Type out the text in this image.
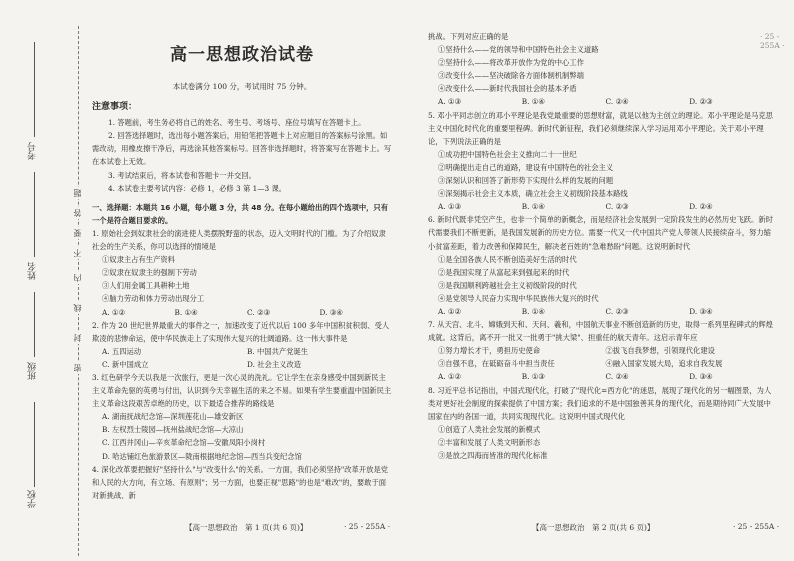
考号
姓名
班级
学校
密
封
线
内
不
要
答
题
高一思想政治试卷
本试卷满分 100 分，考试用时 75 分钟。
注意事项：
1. 答题前，考生务必将自己的姓名、考生号、考场号、座位号填写在答题卡上。
2. 回答选择题时，选出每小题答案后，用铅笔把答题卡上对应题目的答案标号涂黑。如需改动，用橡皮擦干净后，再选涂其他答案标号。回答非选择题时，将答案写在答题卡上。写在本试卷上无效。
3. 考试结束后，将本试卷和答题卡一并交回。
4. 本试卷主要考试内容：必修 1，必修 3 第 1—3 课。
一、选择题：本题共 16 小题，每小题 3 分，共 48 分。在每小题给出的四个选项中，只有一个是符合题目要求的。
1. 原始社会到奴隶社会的演进使人类摆脱野蛮的状态，迈入文明时代的门槛。为了介绍奴隶社会的生产关系，你可以选择的情境是
①奴隶主占有生产资料
②奴隶在奴隶主的强制下劳动
③人们用金属工具耕种土地
④脑力劳动和体力劳动出现分工
A. ①②	B. ①④	C. ②③	D. ③④
2. 作为 20 世纪世界最重大的事件之一，加速改变了近代以后 100 多年中国积贫积弱、受人欺凌的悲惨命运，使中华民族走上了实现伟大复兴的壮阔道路。这一伟大事件是
A. 五四运动	B. 中国共产党诞生
C. 新中国成立	D. 社会主义改造
3. 红色研学今天以我是一次旅行，更是一次心灵的洗礼。它让学生在亲身感受中国到新民主主义革命先驱的英勇与付出，认识到今天幸福生活的来之不易。如果有学生要重温中国新民主主义革命这段艰苦卓绝的历史，以下最适合推荐的路线是
A. 湖南抚战纪念馆—深圳莲花山—雄安新区
B. 左权烈士陵园—抚州盐战纪念馆—大凉山
C. 江西井冈山—辛亥革命纪念馆—安徽凤阳小岗村
D. 哈达铺红色旅游景区—陇南根据地纪念馆—西当兵变纪念馆
4. 深化改革要把握好"坚持什么"与"改变什么"的关系。一方面，我们必须坚持"改革开放是党和人民的大方向，有立场、有原则"；另一方面，也要正视"思路"的也是"难改"的，要敢于面对新挑战、新
挑战。下列对应正确的是
①坚持什么——党的领导和中国特色社会主义道路
②坚持什么——将改革开放作为党的中心工作
③改变什么——坚决破除各方面体制机制弊端
④改变什么——新时代我国社会的基本矛盾
A. ①③	B. ①④	C. ②④	D. ②③
5. 邓小平同志创立的邓小平理论是我党最重要的思想财富，就是以他为主创立的理论。邓小平理论是马克思主义中国化时代化的重要里程碑。新时代新征程，我们必须继续深入学习运用邓小平理论。关于邓小平理论，下列说法正确的是
①成功把中国特色社会主义推向二十一世纪
②明确提出走自己的道路，建设有中国特色的社会主义
③深刻认识和回答了新形势下实现什么样的发展的问题
④深刻揭示社会主义本质，确立社会主义初级阶段基本路线
A. ①③	B. ①④	C. ②③	D. ②④
6. 新时代既非凭空产生，也非一个简单的新概念，而是经济社会发展到一定阶段发生的必然历史飞跃。新时代需要我们不断更新，是我国发展新的历史方位。需要一代又一代中国共产党人带领人民接续奋斗，努力缩小贫富差距，着力改善和保障民生，解决老百姓的"急难愁盼"问题。这说明新时代
①是全国各族人民不断创造美好生活的时代
②是我国实现了从富起来到强起来的时代
③是我国顺利跨越社会主义初级阶段的时代
④是党领导人民奋力实现中华民族伟大复兴的时代
A. ①②	B. ①④	C. ②③	D. ③④
7. 从天宫、北斗、嫦娥到天和、天问、羲和，中国航天事业不断创造新的历史，取得一系列里程碑式的辉煌成就。这背后，离不开一批又一批勇于"挑大梁"、担重任的航天青年。这启示青年应
①努力增长才干，勇担历史使命	②拔飞自我梦想，引领现代化建设
③自强不息，在砥砺奋斗中担当责任	④融入国家发展大局，追求自我发展
A. ①②	B. ①③	C. ②④	D. ③④
8. 习近平总书记指出，中国式现代化，打破了"现代化=西方化"的迷思，展现了现代化的另一幅图景，为人类对更好社会制度的探索提供了中国方案；我们追求的不是中国独善其身的现代化，而是期待同广大发展中国家在内的各国一道，共同实现现代化。这说明中国式现代化
①创造了人类社会发展的新模式
②丰富和发展了人类文明新形态
③是放之四海而皆准的现代化标准
· 25 - 255A ·
【高一思想政治　第 1 页(共 6 页)】	· 25 - 255A ·	【高一思想政治　第 2 页(共 6 页)】	· 25 - 255A ·
